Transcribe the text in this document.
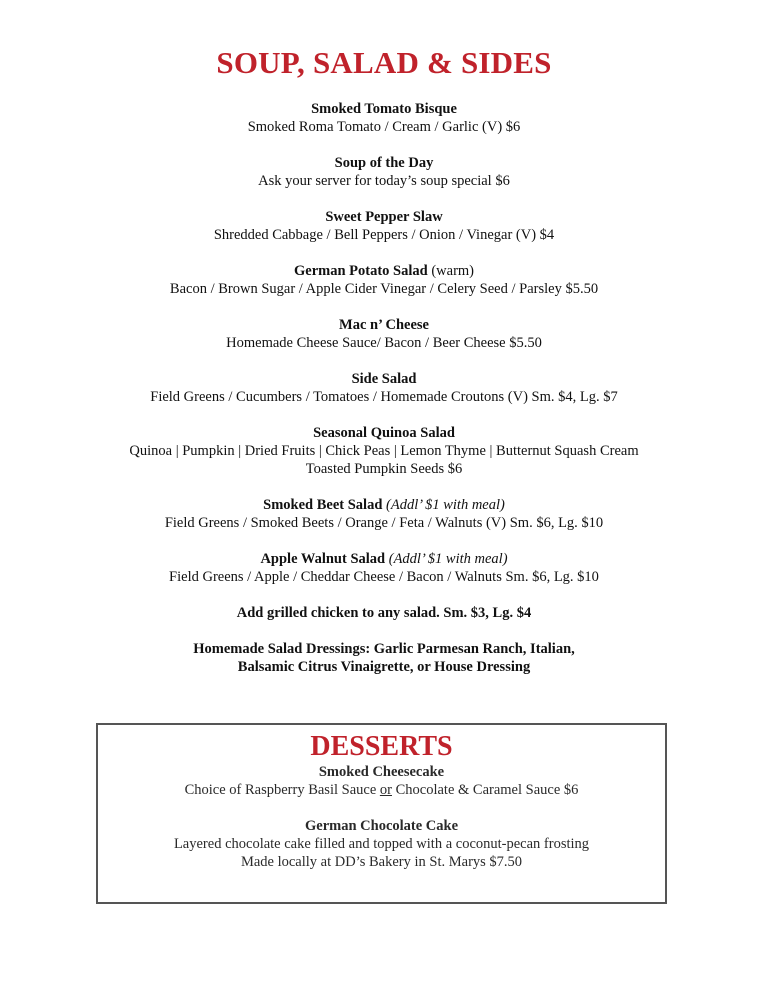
SOUP, SALAD & SIDES
Smoked Tomato Bisque
Smoked Roma Tomato / Cream / Garlic (V) $6
Soup of the Day
Ask your server for today’s soup special $6
Sweet Pepper Slaw
Shredded Cabbage / Bell Peppers / Onion / Vinegar (V) $4
German Potato Salad (warm)
Bacon / Brown Sugar / Apple Cider Vinegar / Celery Seed / Parsley $5.50
Mac n’ Cheese
Homemade Cheese Sauce/ Bacon / Beer Cheese $5.50
Side Salad
Field Greens / Cucumbers / Tomatoes / Homemade Croutons (V) Sm. $4, Lg. $7
Seasonal Quinoa Salad
Quinoa | Pumpkin | Dried Fruits | Chick Peas | Lemon Thyme | Butternut Squash Cream
Toasted Pumpkin Seeds $6
Smoked Beet Salad (Addl’ $1 with meal)
Field Greens / Smoked Beets / Orange / Feta / Walnuts (V) Sm. $6, Lg. $10
Apple Walnut Salad (Addl’ $1 with meal)
Field Greens / Apple / Cheddar Cheese / Bacon / Walnuts Sm. $6, Lg. $10
Add grilled chicken to any salad. Sm. $3, Lg. $4
Homemade Salad Dressings: Garlic Parmesan Ranch, Italian,
Balsamic Citrus Vinaigrette, or House Dressing
DESSERTS
Smoked Cheesecake
Choice of Raspberry Basil Sauce or Chocolate & Caramel Sauce $6
German Chocolate Cake
Layered chocolate cake filled and topped with a coconut-pecan frosting
Made locally at DD’s Bakery in St. Marys $7.50
